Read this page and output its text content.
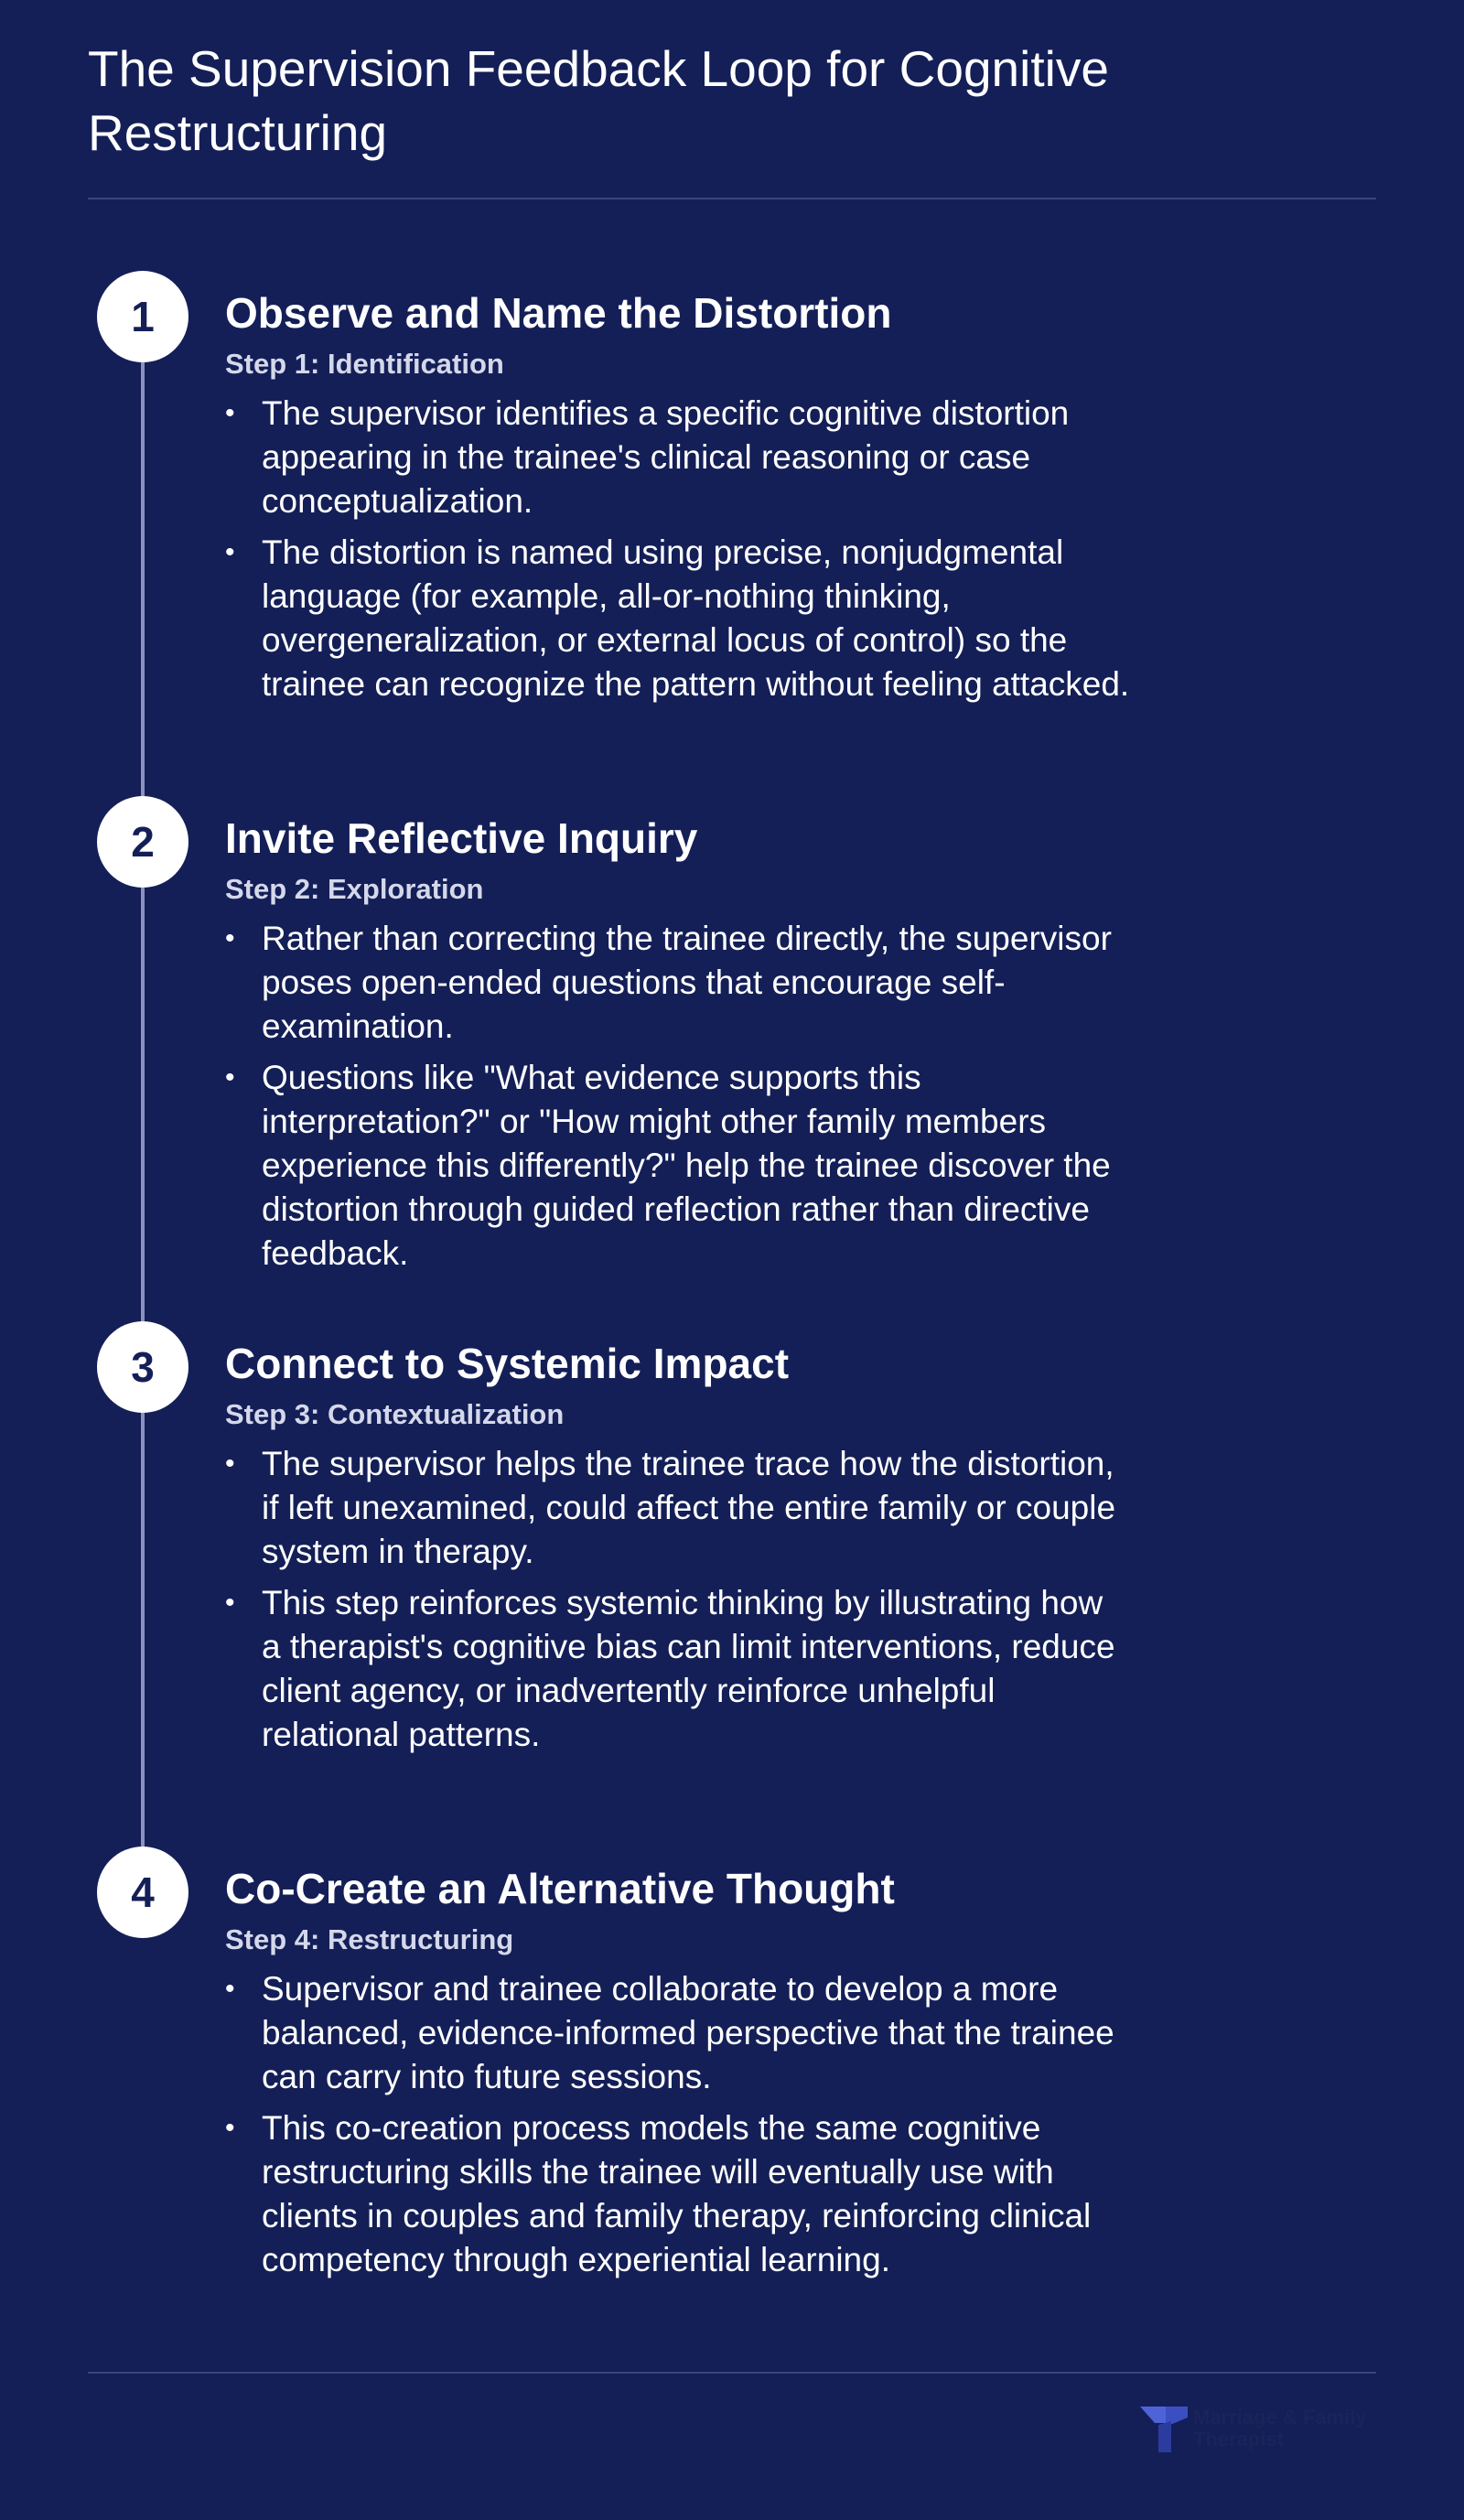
The Supervision Feedback Loop for Cognitive Restructuring
1	Observe and Name the Distortion
Step 1: Identification
• The supervisor identifies a specific cognitive distortion appearing in the trainee's clinical reasoning or case conceptualization.
• The distortion is named using precise, nonjudgmental language (for example, all-or-nothing thinking, overgeneralization, or external locus of control) so the trainee can recognize the pattern without feeling attacked.
2	Invite Reflective Inquiry
Step 2: Exploration
• Rather than correcting the trainee directly, the supervisor poses open-ended questions that encourage self-examination.
• Questions like "What evidence supports this interpretation?" or "How might other family members experience this differently?" help the trainee discover the distortion through guided reflection rather than directive feedback.
3	Connect to Systemic Impact
Step 3: Contextualization
• The supervisor helps the trainee trace how the distortion, if left unexamined, could affect the entire family or couple system in therapy.
• This step reinforces systemic thinking by illustrating how a therapist's cognitive bias can limit interventions, reduce client agency, or inadvertently reinforce unhelpful relational patterns.
4	Co-Create an Alternative Thought
Step 4: Restructuring
• Supervisor and trainee collaborate to develop a more balanced, evidence-informed perspective that the trainee can carry into future sessions.
• This co-creation process models the same cognitive restructuring skills the trainee will eventually use with clients in couples and family therapy, reinforcing clinical competency through experiential learning.
Marriage & Family
Therapist
